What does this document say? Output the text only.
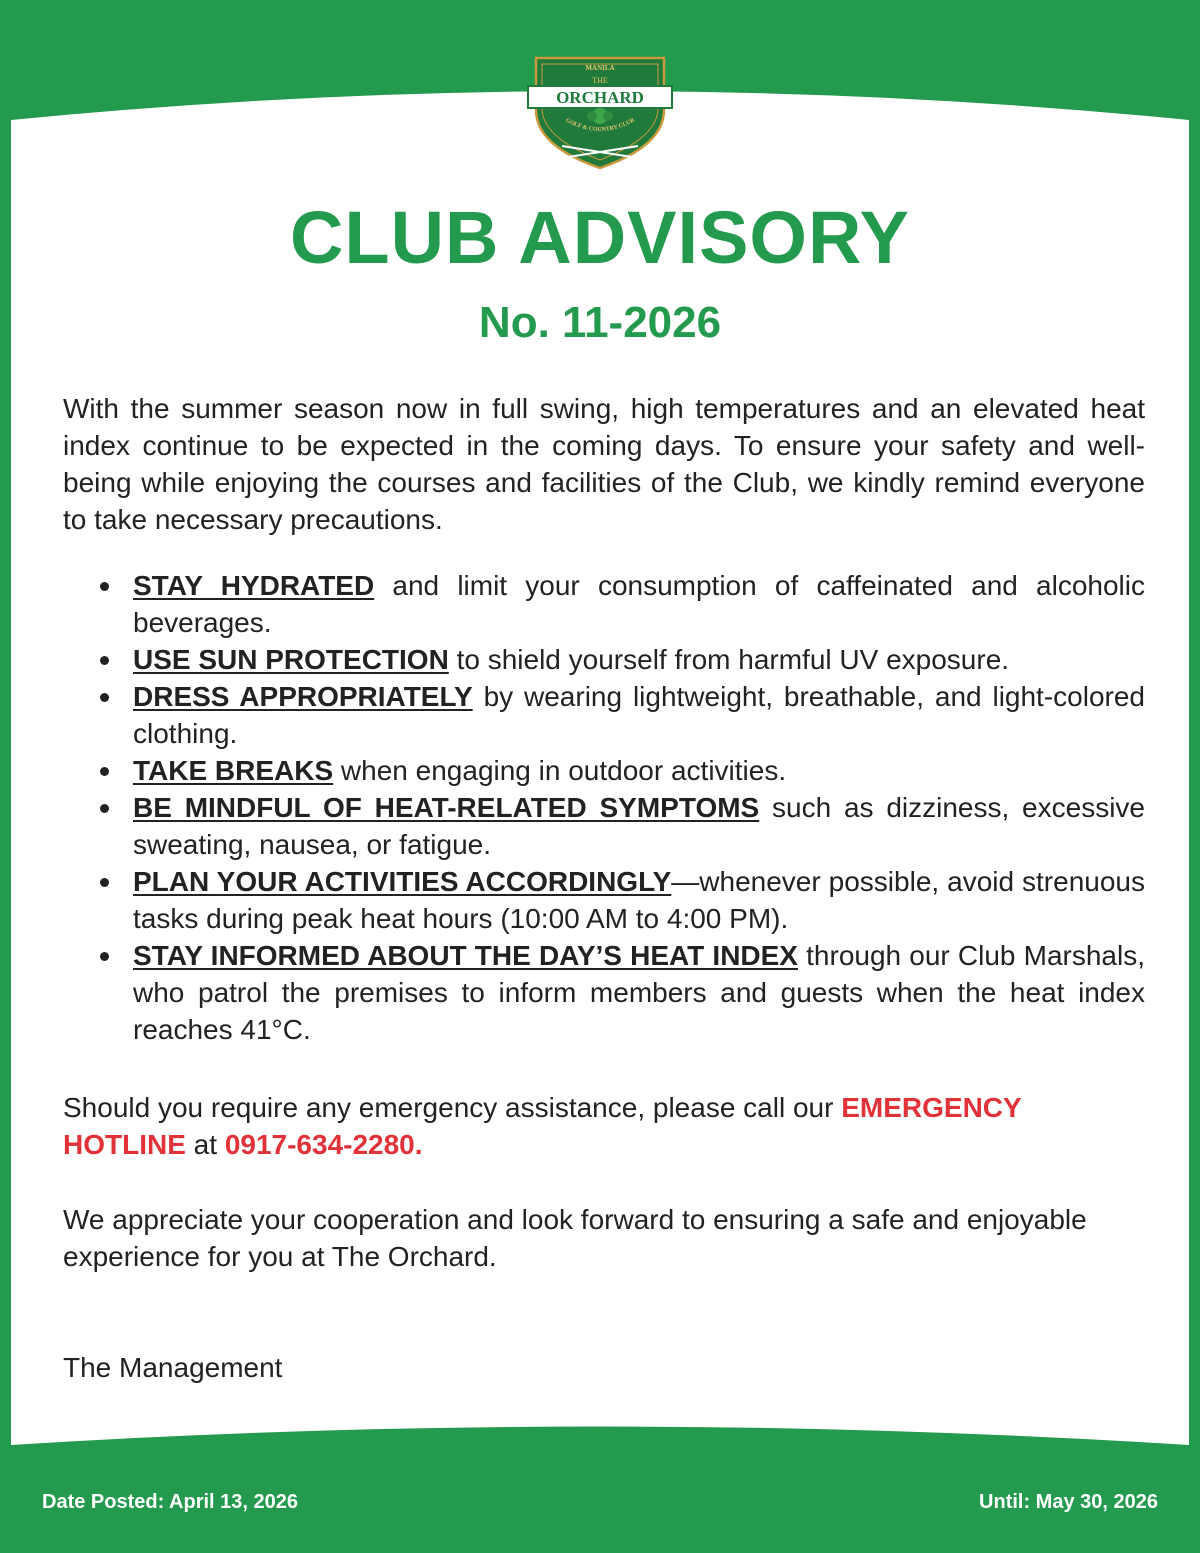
MANILA
THE
ORCHARD
GOLF & COUNTRY CLUB
CLUB ADVISORY
No. 11-2026

With the summer season now in full swing, high temperatures and an elevated heat index continue to be expected in the coming days. To ensure your safety and well-being while enjoying the courses and facilities of the Club, we kindly remind everyone to take necessary precautions.

STAY HYDRATED and limit your consumption of caffeinated and alcoholic beverages.
USE SUN PROTECTION to shield yourself from harmful UV exposure.
DRESS APPROPRIATELY by wearing lightweight, breathable, and light-colored clothing.
TAKE BREAKS when engaging in outdoor activities.
BE MINDFUL OF HEAT-RELATED SYMPTOMS such as dizziness, excessive sweating, nausea, or fatigue.
PLAN YOUR ACTIVITIES ACCORDINGLY—whenever possible, avoid strenuous tasks during peak heat hours (10:00 AM to 4:00 PM).
STAY INFORMED ABOUT THE DAY’S HEAT INDEX through our Club Marshals, who patrol the premises to inform members and guests when the heat index reaches 41°C.

Should you require any emergency assistance, please call our EMERGENCY HOTLINE at 0917-634-2280.

We appreciate your cooperation and look forward to ensuring a safe and enjoyable experience for you at The Orchard.

The Management

Date Posted: April 13, 2026	Until: May 30, 2026
